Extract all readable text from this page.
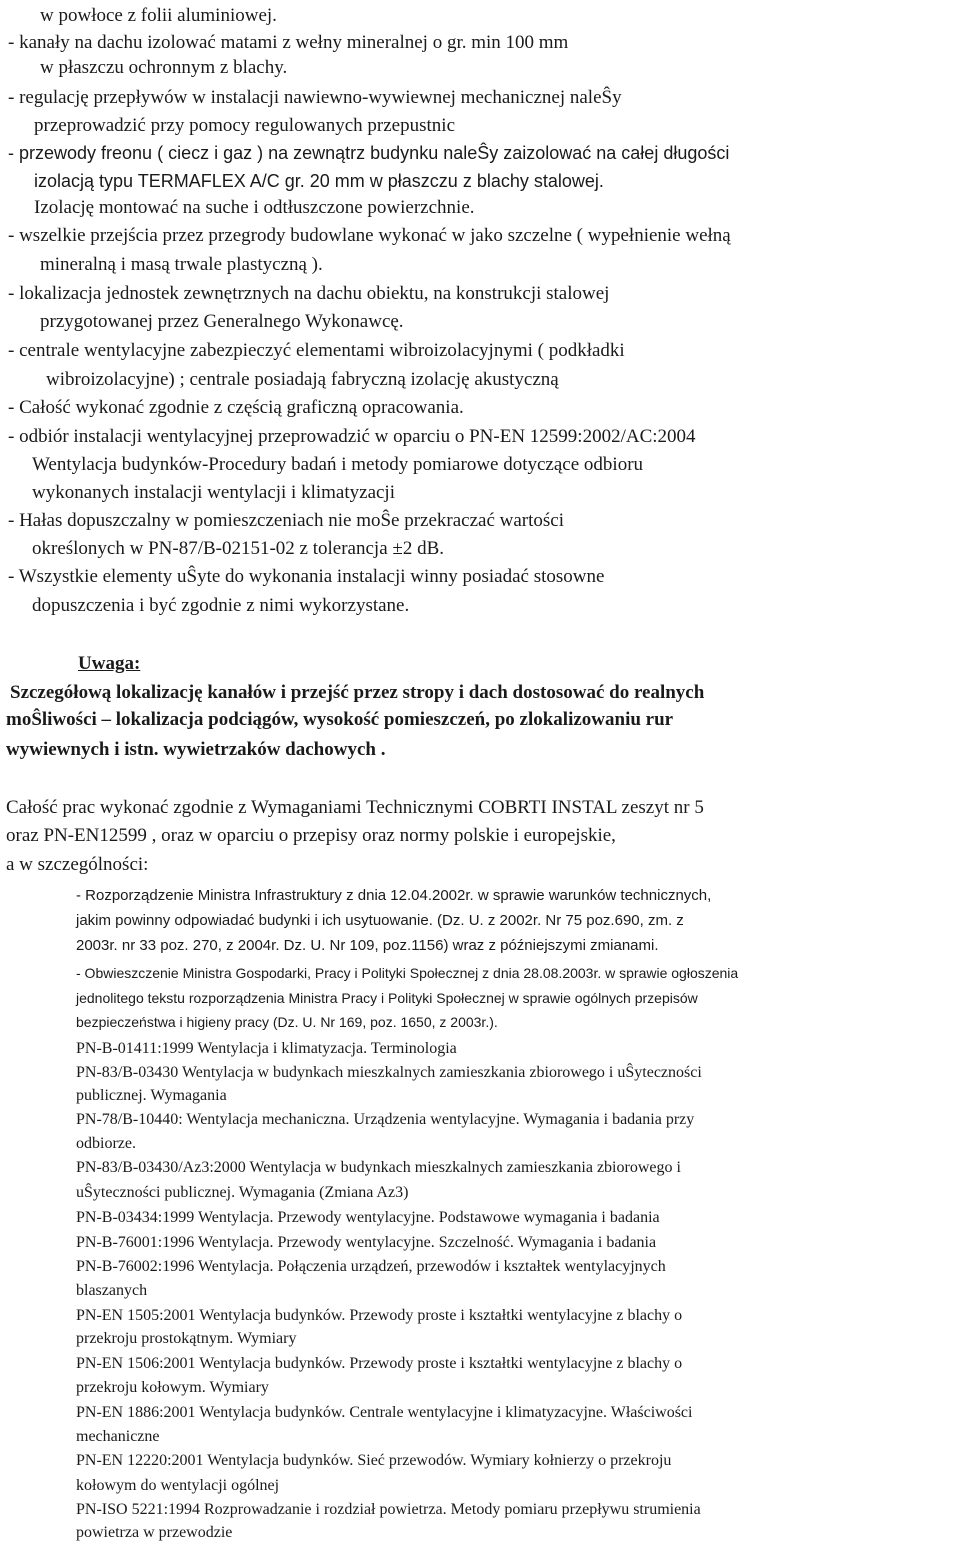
w powłoce z folii aluminiowej.
- kanały na dachu izolować matami z wełny mineralnej o gr. min 100 mm
w płaszczu ochronnym z blachy.
- regulację przepływów w instalacji nawiewno-wywiewnej mechanicznej naleŜy
przeprowadzić przy pomocy regulowanych przepustnic
- przewody freonu ( ciecz i gaz ) na zewnątrz budynku naleŜy zaizolować na całej długości
izolacją typu TERMAFLEX A/C gr. 20 mm w płaszczu z blachy stalowej.
Izolację montować na suche i odtłuszczone powierzchnie.
- wszelkie przejścia przez przegrody budowlane wykonać w jako szczelne ( wypełnienie wełną
mineralną i masą trwale plastyczną ).
- lokalizacja jednostek zewnętrznych na dachu obiektu, na konstrukcji stalowej
przygotowanej przez Generalnego Wykonawcę.
- centrale wentylacyjne zabezpieczyć elementami wibroizolacyjnymi ( podkładki
wibroizolacyjne) ; centrale posiadają fabryczną izolację akustyczną
- Całość wykonać zgodnie z częścią graficzną opracowania.
- odbiór instalacji wentylacyjnej przeprowadzić w oparciu o PN-EN 12599:2002/AC:2004
Wentylacja budynków-Procedury badań i metody pomiarowe dotyczące odbioru
wykonanych instalacji wentylacji i klimatyzacji
- Hałas dopuszczalny w pomieszczeniach nie moŜe przekraczać wartości
określonych w PN-87/B-02151-02 z tolerancja ±2 dB.
- Wszystkie elementy uŜyte do wykonania instalacji winny posiadać stosowne
dopuszczenia i być zgodnie z nimi wykorzystane.
Uwaga:
Szczegółową lokalizację kanałów i przejść przez stropy i dach dostosować do realnych
moŜliwości – lokalizacja podciągów, wysokość pomieszczeń, po zlokalizowaniu rur
wywiewnych i istn. wywietrzaków dachowych .
Całość prac wykonać zgodnie z Wymaganiami Technicznymi COBRTI INSTAL zeszyt nr 5
oraz PN-EN12599 , oraz w oparciu o przepisy oraz normy polskie i europejskie,
a w szczególności:
- Rozporządzenie Ministra Infrastruktury z dnia 12.04.2002r. w sprawie warunków technicznych,
jakim powinny odpowiadać budynki i ich usytuowanie. (Dz. U. z 2002r. Nr 75 poz.690, zm. z
2003r. nr 33 poz. 270, z 2004r. Dz. U. Nr 109, poz.1156) wraz z późniejszymi zmianami.
- Obwieszczenie Ministra Gospodarki, Pracy i Polityki Społecznej z dnia 28.08.2003r. w sprawie ogłoszenia
jednolitego tekstu rozporządzenia Ministra Pracy i Polityki Społecznej w sprawie ogólnych przepisów
bezpieczeństwa i higieny pracy (Dz. U. Nr 169, poz. 1650, z 2003r.).
PN-B-01411:1999 Wentylacja i klimatyzacja. Terminologia
PN-83/B-03430 Wentylacja w budynkach mieszkalnych zamieszkania zbiorowego i uŜyteczności
publicznej. Wymagania
PN-78/B-10440: Wentylacja mechaniczna. Urządzenia wentylacyjne. Wymagania i badania przy
odbiorze.
PN-83/B-03430/Az3:2000 Wentylacja w budynkach mieszkalnych zamieszkania zbiorowego i
uŜyteczności publicznej. Wymagania (Zmiana Az3)
PN-B-03434:1999 Wentylacja. Przewody wentylacyjne. Podstawowe wymagania i badania
PN-B-76001:1996 Wentylacja. Przewody wentylacyjne. Szczelność. Wymagania i badania
PN-B-76002:1996 Wentylacja. Połączenia urządzeń, przewodów i kształtek wentylacyjnych
blaszanych
PN-EN 1505:2001 Wentylacja budynków. Przewody proste i kształtki wentylacyjne z blachy o
przekroju prostokątnym. Wymiary
PN-EN 1506:2001 Wentylacja budynków. Przewody proste i kształtki wentylacyjne z blachy o
przekroju kołowym. Wymiary
PN-EN 1886:2001 Wentylacja budynków. Centrale wentylacyjne i klimatyzacyjne. Właściwości
mechaniczne
PN-EN 12220:2001 Wentylacja budynków. Sieć przewodów. Wymiary kołnierzy o przekroju
kołowym do wentylacji ogólnej
PN-ISO 5221:1994 Rozprowadzanie i rozdział powietrza. Metody pomiaru przepływu strumienia
powietrza w przewodzie
